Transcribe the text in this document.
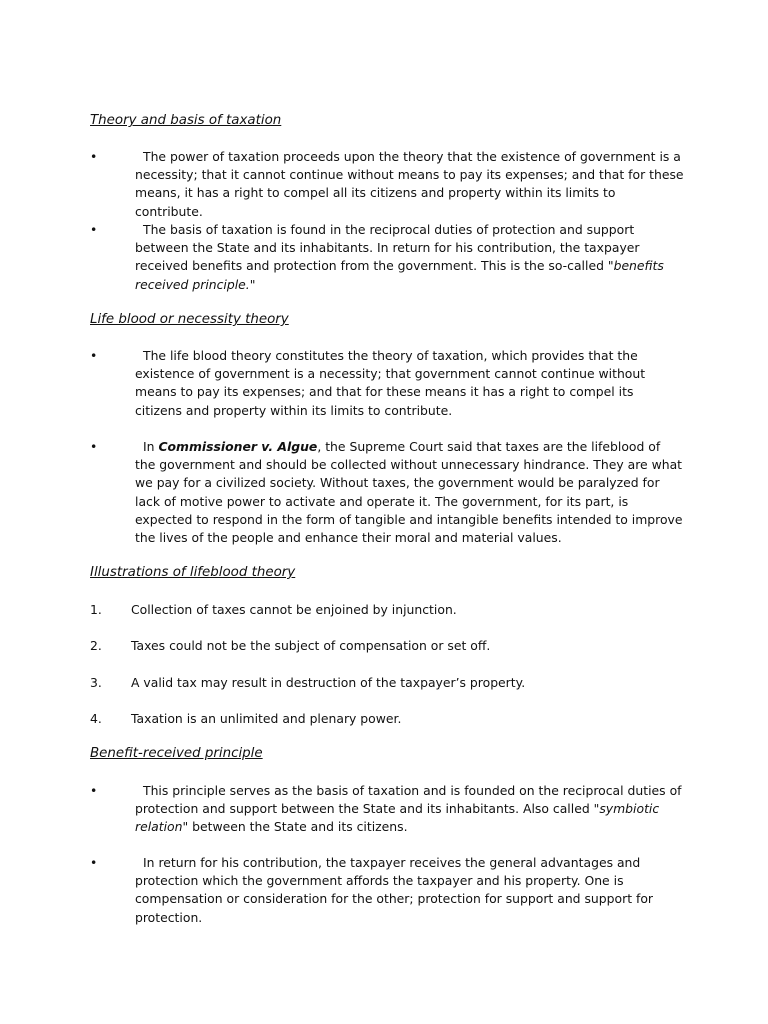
Theory and basis of taxation
•	The power of taxation proceeds upon the theory that the existence of government is a necessity; that it cannot continue without means to pay its expenses; and that for these means, it has a right to compel all its citizens and property within its limits to contribute.
•	The basis of taxation is found in the reciprocal duties of protection and support between the State and its inhabitants. In return for his contribution, the taxpayer received benefits and protection from the government. This is the so-called "benefits received principle."
Life blood or necessity theory
•	The life blood theory constitutes the theory of taxation, which provides that the existence of government is a necessity; that government cannot continue without means to pay its expenses; and that for these means it has a right to compel its citizens and property within its limits to contribute.
•	In Commissioner v. Algue, the Supreme Court said that taxes are the lifeblood of the government and should be collected without unnecessary hindrance. They are what we pay for a civilized society. Without taxes, the government would be paralyzed for lack of motive power to activate and operate it. The government, for its part, is expected to respond in the form of tangible and intangible benefits intended to improve the lives of the people and enhance their moral and material values.
Illustrations of lifeblood theory
1. Collection of taxes cannot be enjoined by injunction.
2. Taxes could not be the subject of compensation or set off.
3. A valid tax may result in destruction of the taxpayer’s property.
4. Taxation is an unlimited and plenary power.
Benefit-received principle
•	This principle serves as the basis of taxation and is founded on the reciprocal duties of protection and support between the State and its inhabitants. Also called "symbiotic relation" between the State and its citizens.
•	In return for his contribution, the taxpayer receives the general advantages and protection which the government affords the taxpayer and his property. One is compensation or consideration for the other; protection for support and support for protection.
